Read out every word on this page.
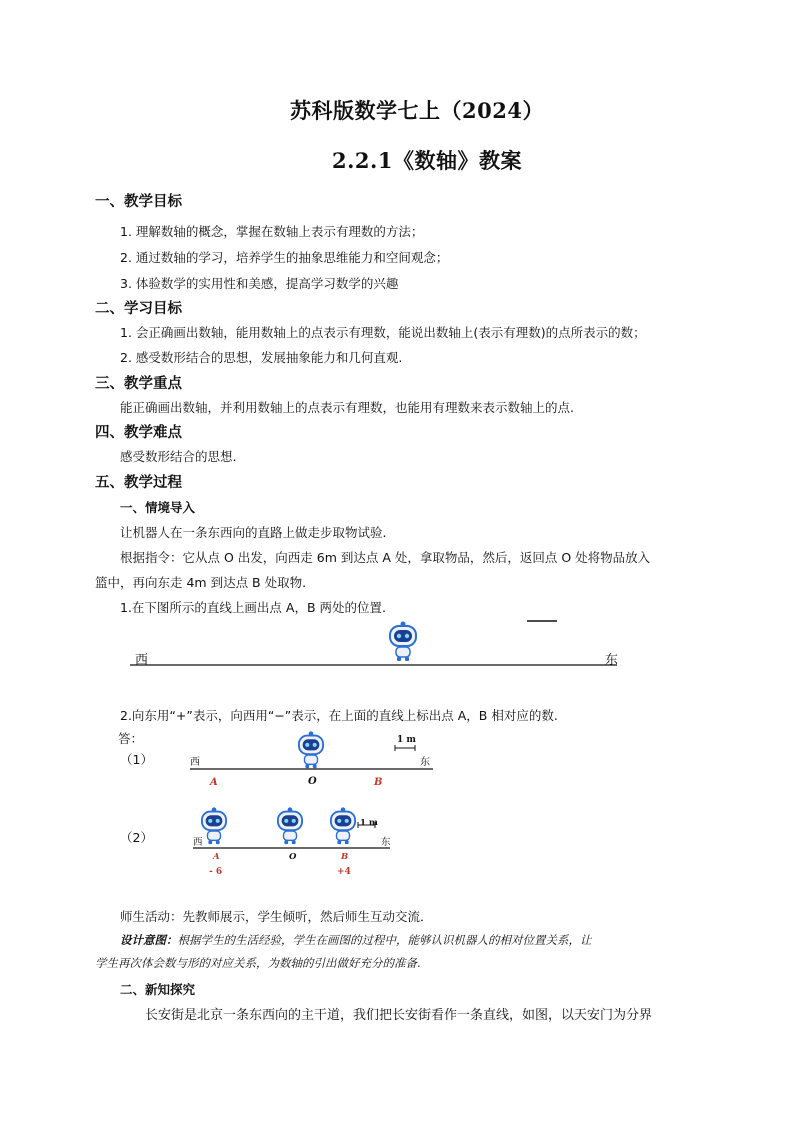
苏科版数学七上（2024）
2.2.1《数轴》教案
一、教学目标
1. 理解数轴的概念，掌握在数轴上表示有理数的方法；
2. 通过数轴的学习，培养学生的抽象思维能力和空间观念；
3. 体验数学的实用性和美感，提高学习数学的兴趣
二、学习目标
1. 会正确画出数轴，能用数轴上的点表示有理数，能说出数轴上(表示有理数)的点所表示的数；
2. 感受数形结合的思想，发展抽象能力和几何直观.
三、教学重点
能正确画出数轴，并利用数轴上的点表示有理数，也能用有理数来表示数轴上的点.
四、教学难点
感受数形结合的思想.
五、教学过程
一、情境导入
让机器人在一条东西向的直路上做走步取物试验.
根据指令：它从点 O 出发，向西走 6m 到达点 A 处，拿取物品，然后，返回点 O 处将物品放入
篮中，再向东走 4m 到达点 B 处取物.
1.在下图所示的直线上画出点 A，B 两处的位置.
西	东
2.向东用“+”表示，向西用“−”表示，在上面的直线上标出点 A，B 相对应的数.
答：
（1）
1 m
西	东
A	O	B
（2）
1 m
西	东
A	O	B
- 6	+4
师生活动：先教师展示，学生倾听，然后师生互动交流．
设计意图：根据学生的生活经验，学生在画图的过程中，能够认识机器人的相对位置关系，让
学生再次体会数与形的对应关系，为数轴的引出做好充分的准备.
二、新知探究
长安街是北京一条东西向的主干道，我们把长安街看作一条直线，如图，以天安门为分界
